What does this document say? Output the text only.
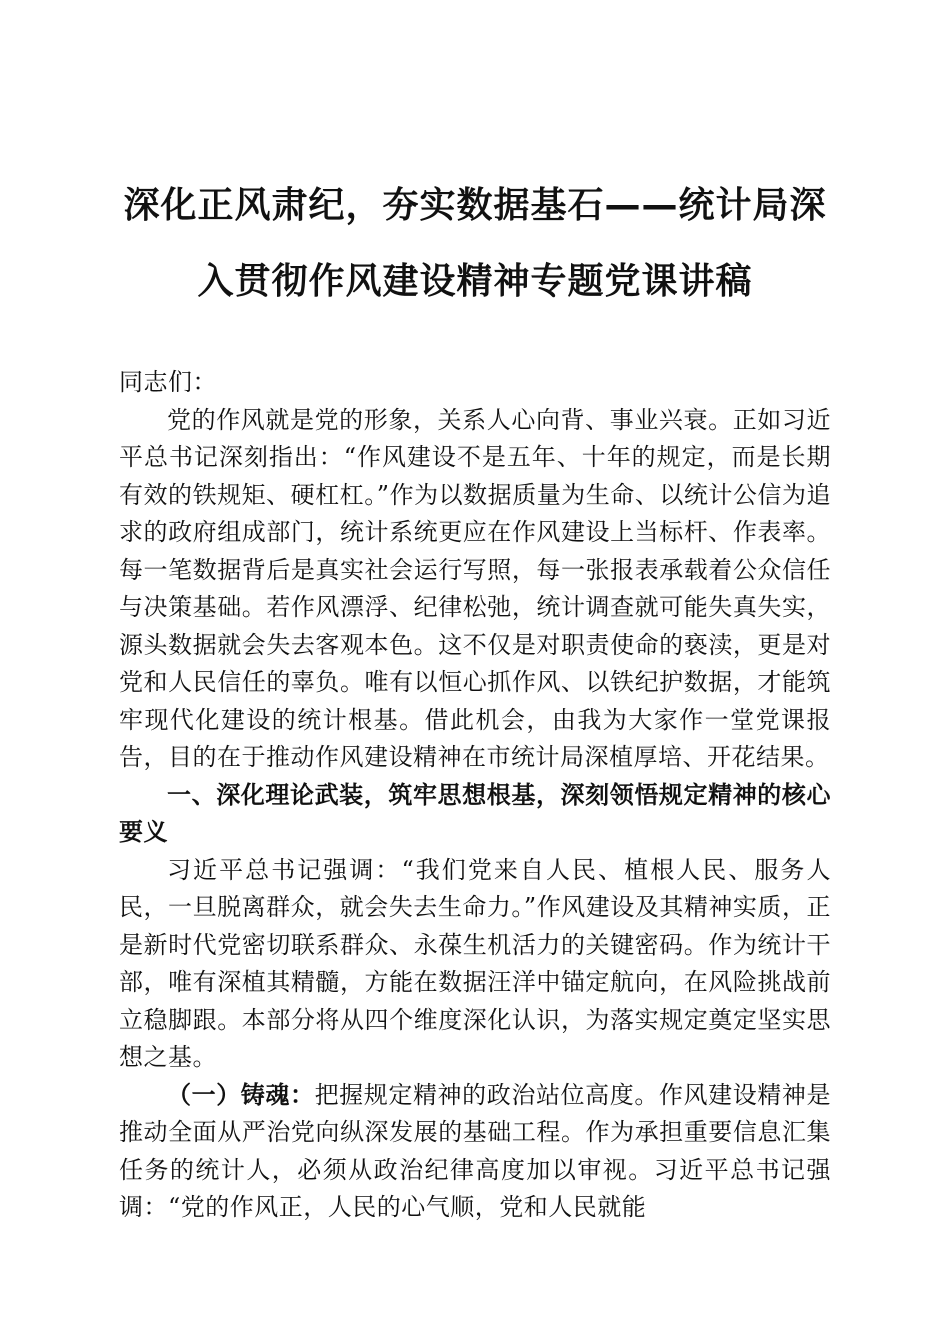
深化正风肃纪，夯实数据基石——统计局深入贯彻作风建设精神专题党课讲稿

同志们：

党的作风就是党的形象，关系人心向背、事业兴衰。正如习近平总书记深刻指出：“作风建设不是五年、十年的规定，而是长期有效的铁规矩、硬杠杠。”作为以数据质量为生命、以统计公信为追求的政府组成部门，统计系统更应在作风建设上当标杆、作表率。每一笔数据背后是真实社会运行写照，每一张报表承载着公众信任与决策基础。若作风漂浮、纪律松弛，统计调查就可能失真失实，源头数据就会失去客观本色。这不仅是对职责使命的亵渎，更是对党和人民信任的辜负。唯有以恒心抓作风、以铁纪护数据，才能筑牢现代化建设的统计根基。借此机会，由我为大家作一堂党课报告，目的在于推动作风建设精神在市统计局深植厚培、开花结果。

一、深化理论武装，筑牢思想根基，深刻领悟规定精神的核心要义

习近平总书记强调：“我们党来自人民、植根人民、服务人民，一旦脱离群众，就会失去生命力。”作风建设及其精神实质，正是新时代党密切联系群众、永葆生机活力的关键密码。作为统计干部，唯有深植其精髓，方能在数据汪洋中锚定航向，在风险挑战前立稳脚跟。本部分将从四个维度深化认识，为落实规定奠定坚实思想之基。

（一）铸魂：把握规定精神的政治站位高度。作风建设精神是推动全面从严治党向纵深发展的基础工程。作为承担重要信息汇集任务的统计人，必须从政治纪律高度加以审视。习近平总书记强调：“党的作风正，人民的心气顺，党和人民就能
